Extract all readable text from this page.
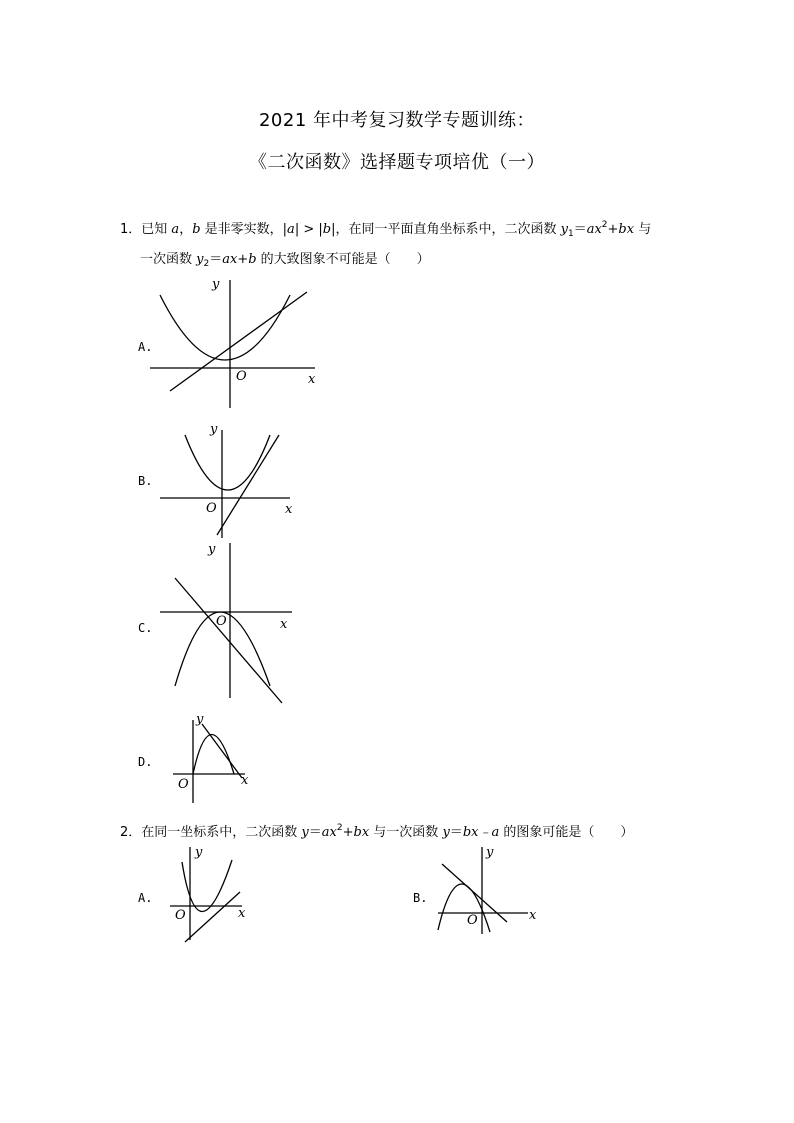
2021 年中考复习数学专题训练：
《二次函数》选择题专项培优（一）
1．已知 a，b 是非零实数，|a| > |b|，在同一平面直角坐标系中，二次函数 $y_1=ax^2+bx$ 与
一次函数 $y_2=ax+b$ 的大致图象不可能是（　　）
A.
y
x
O
B.
y
x
O
C.
y
x
O
D.
y
x
O
2．在同一坐标系中，二次函数 $y=ax^2+bx$ 与一次函数 y＝bx﹣a 的图象可能是（　　）
A.
y
x
O
B.
y
x
O
